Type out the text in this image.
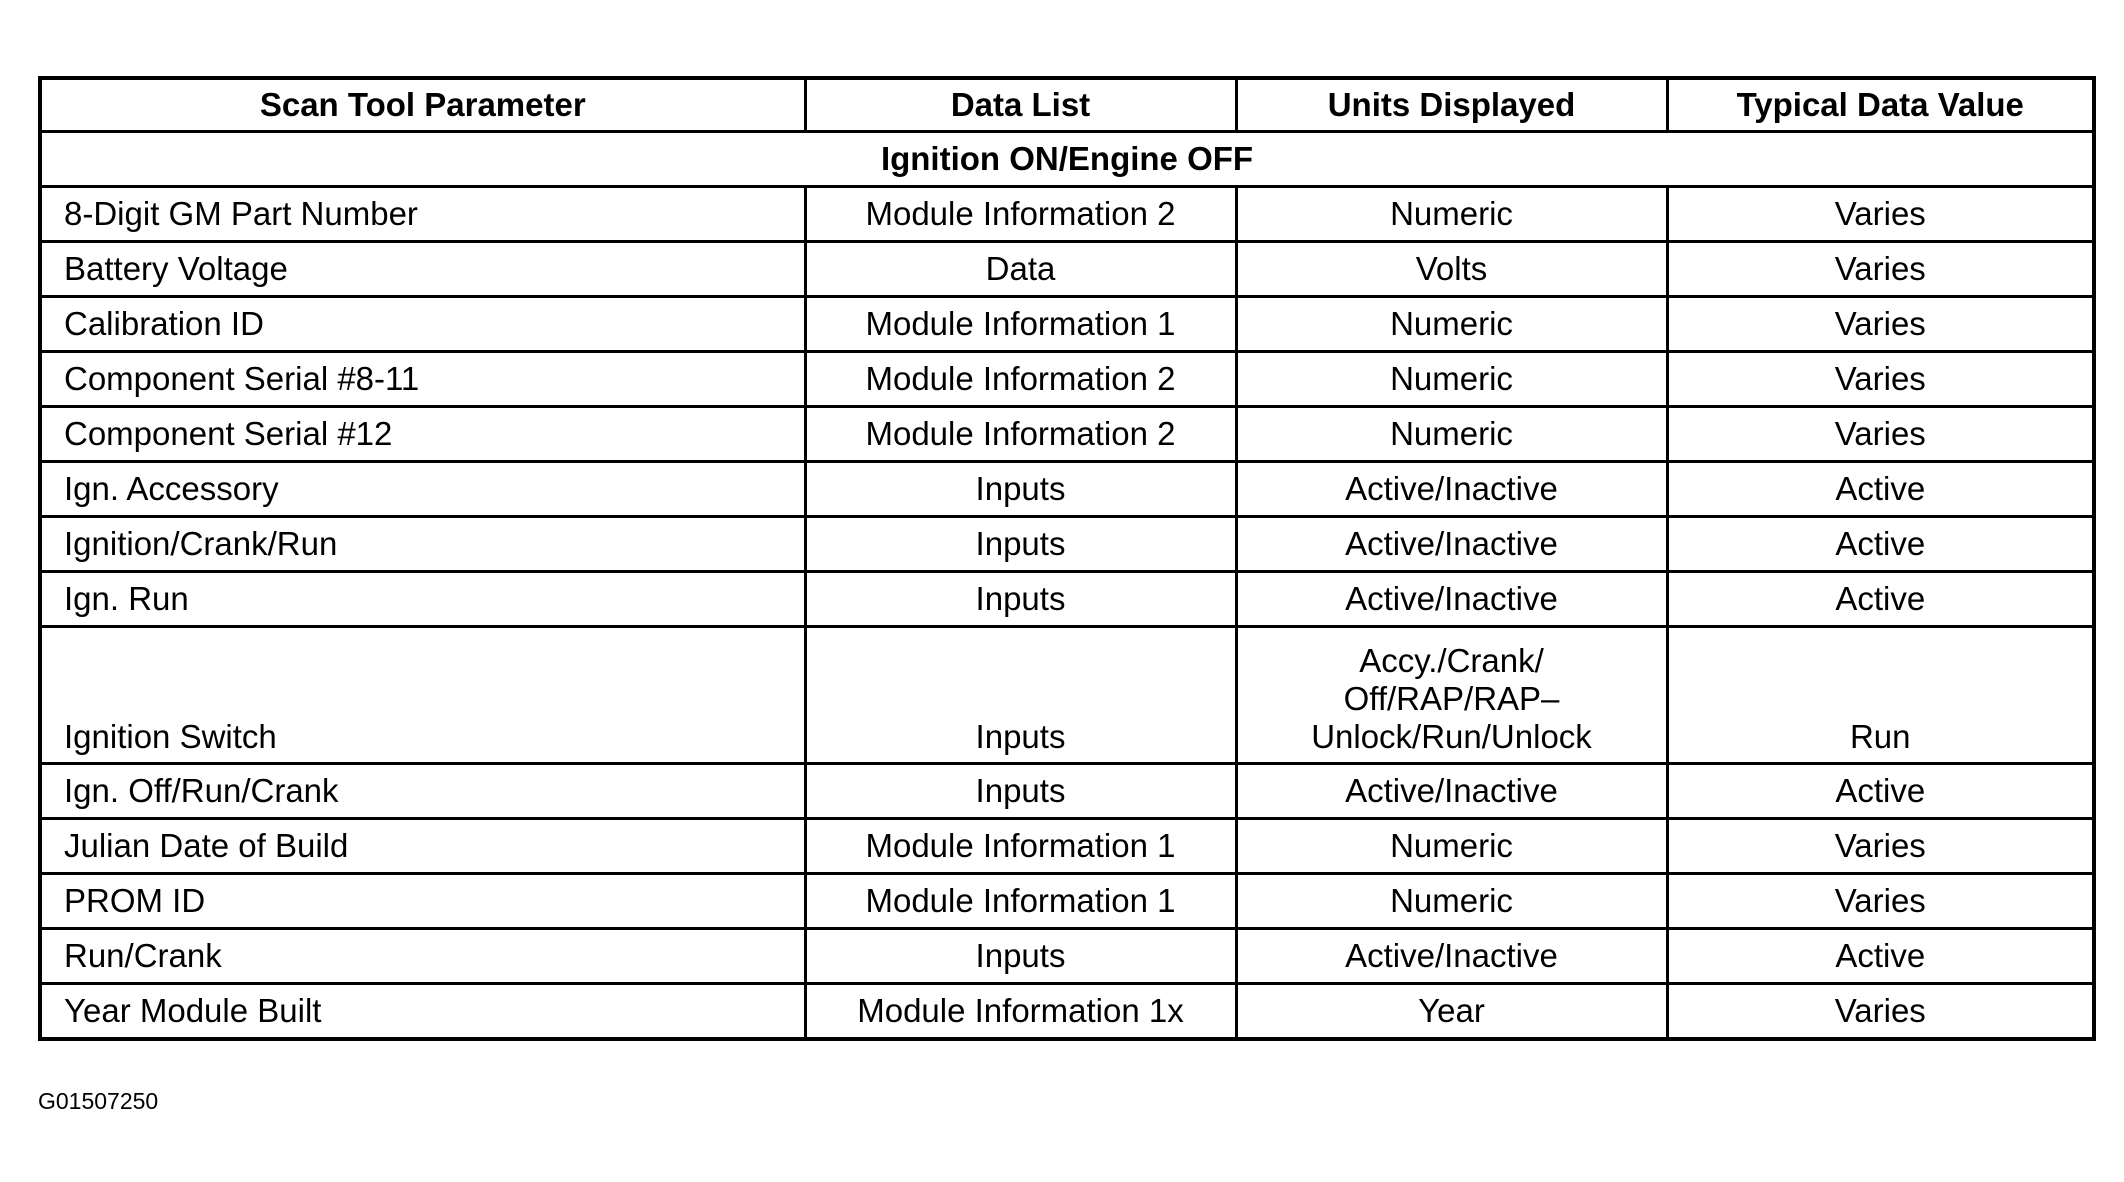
Scan Tool Parameter	Data List	Units Displayed	Typical Data Value
Ignition ON/Engine OFF			
8-Digit GM Part Number	Module Information 2	Numeric	Varies
Battery Voltage	Data	Volts	Varies
Calibration ID	Module Information 1	Numeric	Varies
Component Serial #8-11	Module Information 2	Numeric	Varies
Component Serial #12	Module Information 2	Numeric	Varies
Ign. Accessory	Inputs	Active/Inactive	Active
Ignition/Crank/Run	Inputs	Active/Inactive	Active
Ign. Run	Inputs	Active/Inactive	Active
Ignition Switch	Inputs	Accy./Crank/
Off/RAP/RAP–
Unlock/Run/Unlock	Run
Ign. Off/Run/Crank	Inputs	Active/Inactive	Active
Julian Date of Build	Module Information 1	Numeric	Varies
PROM ID	Module Information 1	Numeric	Varies
Run/Crank	Inputs	Active/Inactive	Active
Year Module Built	Module Information 1x	Year	Varies
G01507250
